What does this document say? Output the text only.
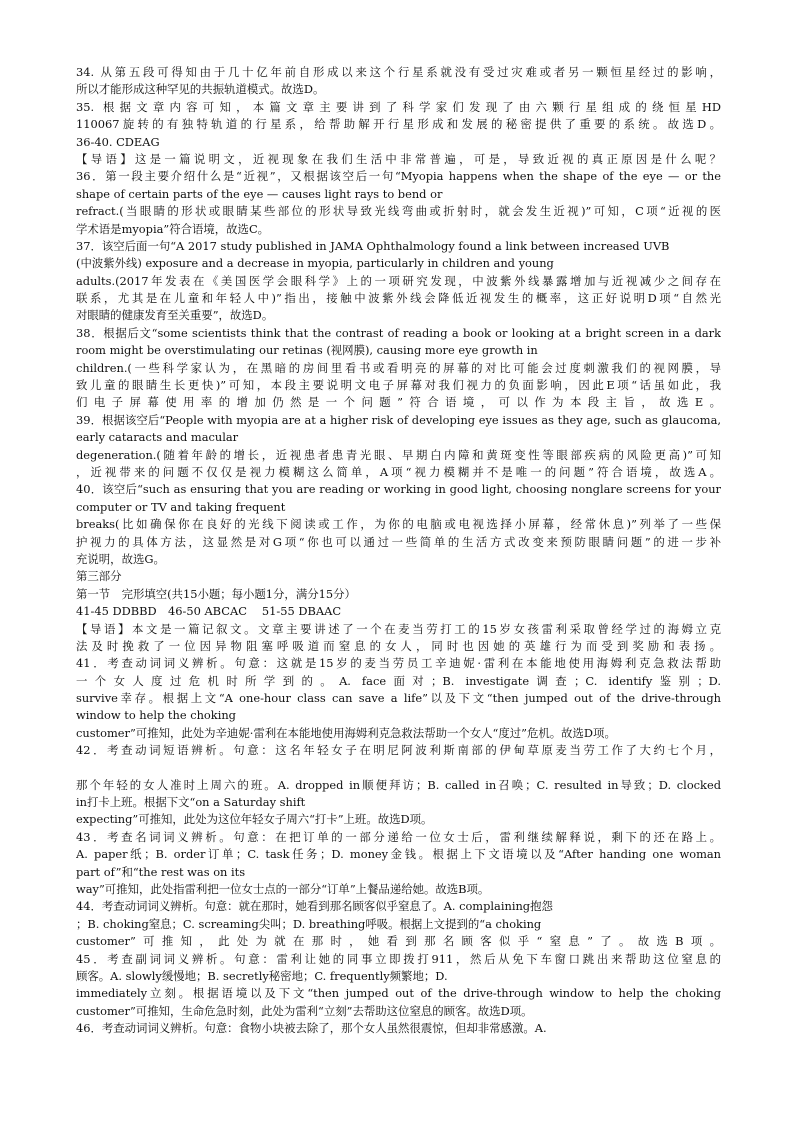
34. 从第五段可得知由于几十亿年前自形成以来这个行星系就没有受过灾难或者另一颗恒星经过的影响，
所以才能形成这种罕见的共振轨道模式。故选D。
35. 根据文章内容可知，本篇文章主要讲到了科学家们发现了由六颗行星组成的绕恒星HD
110067旋转的有独特轨道的行星系，给帮助解开行星形成和发展的秘密提供了重要的系统。故选D。
36-40. CDEAG
【导语】这是一篇说明文，近视现象在我们生活中非常普遍，可是，导致近视的真正原因是什么呢？
36．第一段主要介绍什么是“近视”，又根据该空后一句“Myopia happens when the shape of the eye — or the
shape of certain parts of the eye — causes light rays to bend or
refract.(当眼睛的形状或眼睛某些部位的形状导致光线弯曲或折射时，就会发生近视)”可知，C项“近视的医
学术语是myopia”符合语境，故选C。
37．该空后面一句“A 2017 study published in JAMA Ophthalmology found a link between increased UVB
(中波紫外线) exposure and a decrease in myopia, particularly in children and young
adults.(2017年发表在《美国医学会眼科学》上的一项研究发现，中波紫外线暴露增加与近视减少之间存在
联系，尤其是在儿童和年轻人中)”指出，接触中波紫外线会降低近视发生的概率，这正好说明D项“自然光
对眼睛的健康发育至关重要”，故选D。
38．根据后文“some scientists think that the contrast of reading a book or looking at a bright screen in a dark
room might be overstimulating our retinas (视网膜), causing more eye growth in
children.(一些科学家认为，在黑暗的房间里看书或看明亮的屏幕的对比可能会过度刺激我们的视网膜，导
致儿童的眼睛生长更快)”可知，本段主要说明文电子屏幕对我们视力的负面影响，因此E项“话虽如此，我
们电子屏幕使用率的增加仍然是一个问题”符合语境，可以作为本段主旨，故选E。
39．根据该空后“People with myopia are at a higher risk of developing eye issues as they age, such as glaucoma,
early cataracts and macular
degeneration.(随着年龄的增长，近视患者患青光眼、早期白内障和黄斑变性等眼部疾病的风险更高)”可知
，近视带来的问题不仅仅是视力模糊这么简单，A项“视力模糊并不是唯一的问题”符合语境，故选A。
40．该空后“such as ensuring that you are reading or working in good light, choosing nonglare screens for your
computer or TV and taking frequent
breaks(比如确保你在良好的光线下阅读或工作，为你的电脑或电视选择小屏幕，经常休息)”列举了一些保
护视力的具体方法，这显然是对G项“你也可以通过一些简单的生活方式改变来预防眼睛问题”的进一步补
充说明，故选G。
第三部分
第一节　完形填空(共15小题；每小题1分，满分15分）
41-45 DDBBD　46-50 ABCAC　 51-55 DBAAC
【导语】本文是一篇记叙文。文章主要讲述了一个在麦当劳打工的15岁女孩雷利采取曾经学过的海姆立克
法及时挽救了一位因异物阻塞呼吸道而窒息的女人，同时也因她的英雄行为而受到奖励和表扬。
41．考查动词词义辨析。句意：这就是15岁的麦当劳员工辛迪妮·雷利在本能地使用海姆利克急救法帮助
一个女人度过危机时所学到的。A. face面对；B. investigate调查；C. identify鉴别；D.
survive幸存。根据上文“A one-hour class can save a life”以及下文“then jumped out of the drive-through
window to help the choking
customer”可推知，此处为辛迪妮·雷利在本能地使用海姆利克急救法帮助一个女人“度过”危机。故选D项。
42．考查动词短语辨析。句意：这名年轻女子在明尼阿波利斯南部的伊甸草原麦当劳工作了大约七个月，
那个年轻的女人准时上周六的班。A. dropped in顺便拜访；B. called in召唤；C. resulted in导致；D. clocked
in打卡上班。根据下文“on a Saturday shift
expecting”可推知，此处为这位年轻女子周六“打卡”上班。故选D项。
43．考查名词词义辨析。句意：在把订单的一部分递给一位女士后，雷利继续解释说，剩下的还在路上。
A. paper纸；B. order订单；C. task任务；D. money金钱。根据上下文语境以及“After handing one woman
part of”和“the rest was on its
way”可推知，此处指雷利把一位女士点的一部分“订单”上餐品递给她。故选B项。
44．考查动词词义辨析。句意：就在那时，她看到那名顾客似乎窒息了。A. complaining抱怨
；B. choking窒息；C. screaming尖叫；D. breathing呼吸。根据上文提到的“a choking
customer”可推知，此处为就在那时，她看到那名顾客似乎“窒息”了。故选B项。
45．考查副词词义辨析。句意：雷利让她的同事立即拨打911，然后从免下车窗口跳出来帮助这位窒息的
顾客。A. slowly缓慢地；B. secretly秘密地；C. frequently频繁地；D.
immediately立刻。根据语境以及下文“then jumped out of the drive-through window to help the choking
customer”可推知，生命危急时刻，此处为雷利“立刻”去帮助这位窒息的顾客。故选D项。
46．考查动词词义辨析。句意：食物小块被去除了，那个女人虽然很震惊，但却非常感激。A.
